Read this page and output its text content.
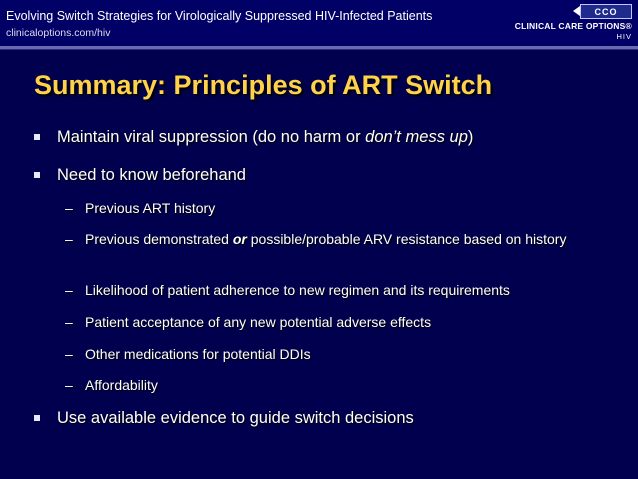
Evolving Switch Strategies for Virologically Suppressed HIV-Infected Patients
clinicaloptions.com/hiv
CCO
CLINICAL CARE OPTIONS®
HIV
Summary: Principles of ART Switch
Maintain viral suppression (do no harm or don’t mess up)
Need to know beforehand
– Previous ART history
– Previous demonstrated or possible/probable ARV resistance based on history
– Likelihood of patient adherence to new regimen and its requirements
– Patient acceptance of any new potential adverse effects
– Other medications for potential DDIs
– Affordability
Use available evidence to guide switch decisions
